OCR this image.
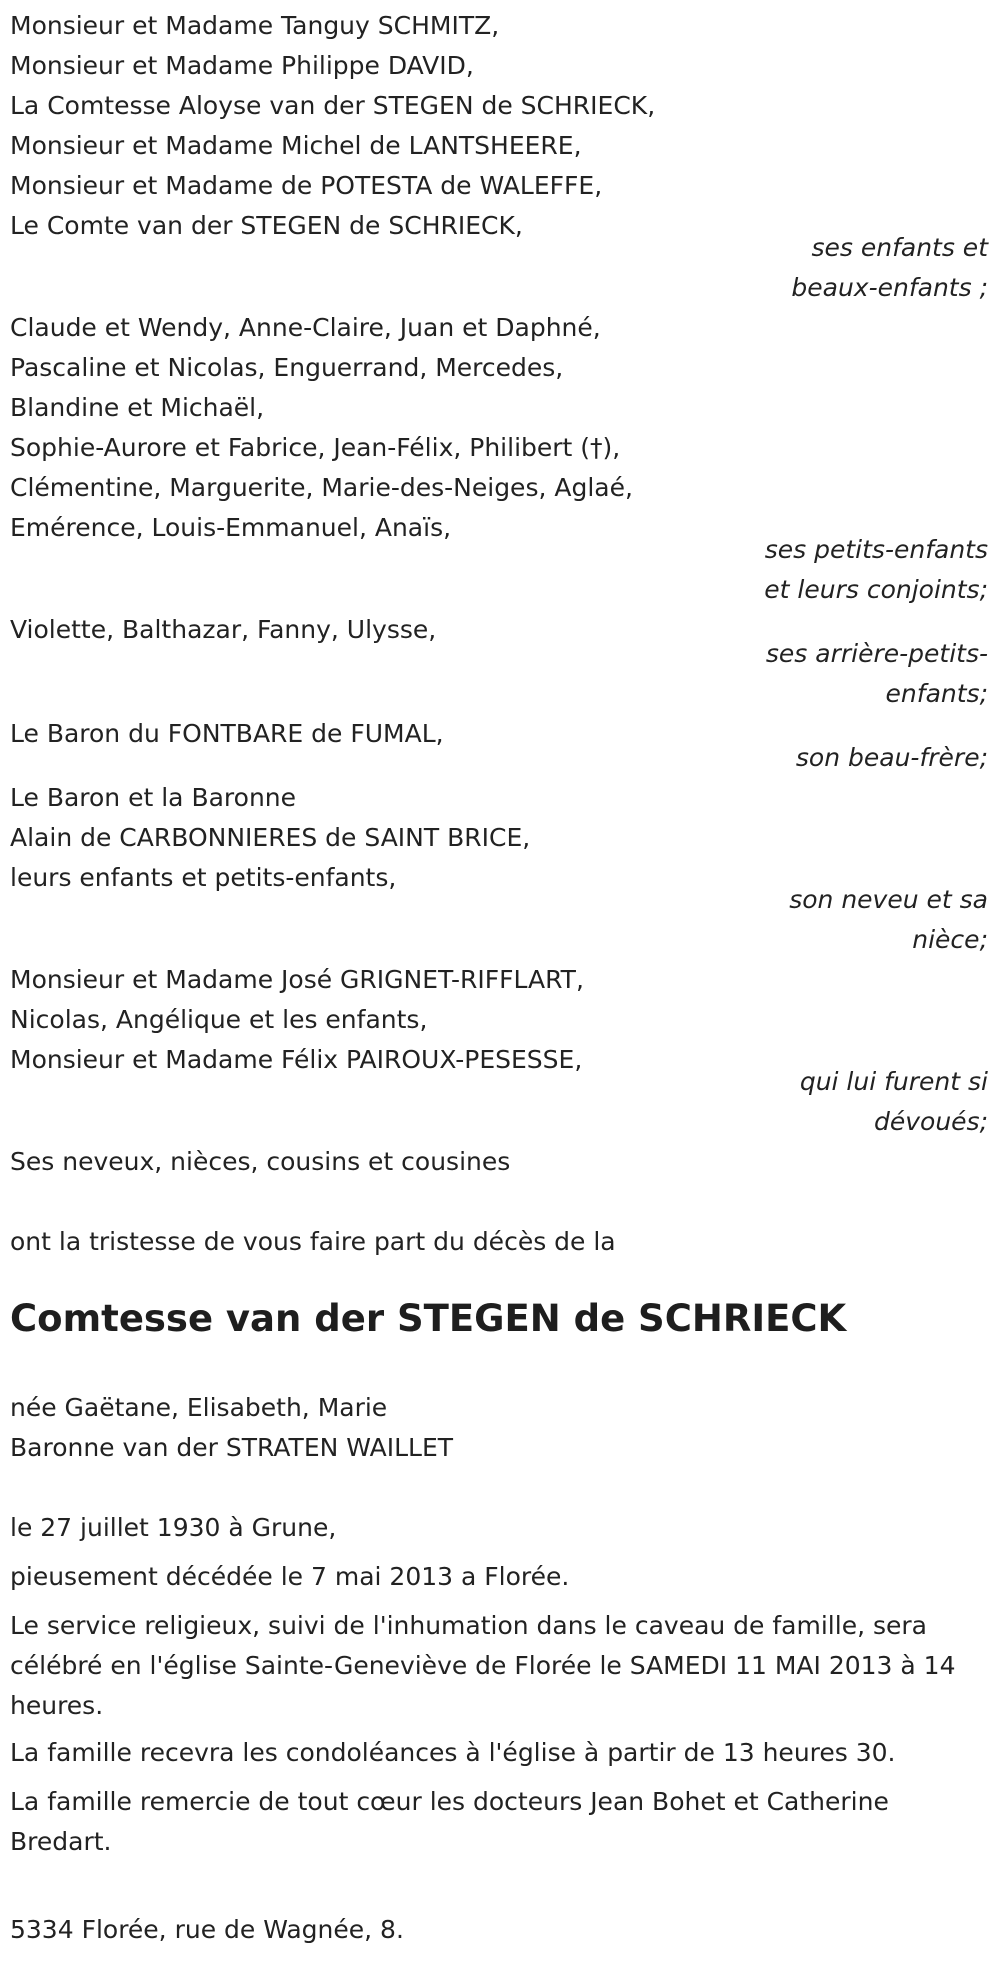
Monsieur et Madame Tanguy SCHMITZ,
Monsieur et Madame Philippe DAVID,
La Comtesse Aloyse van der STEGEN de SCHRIECK,
Monsieur et Madame Michel de LANTSHEERE,
Monsieur et Madame de POTESTA de WALEFFE,
Le Comte van der STEGEN de SCHRIECK,
ses enfants et
beaux-enfants ;
Claude et Wendy, Anne-Claire, Juan et Daphné,
Pascaline et Nicolas, Enguerrand, Mercedes,
Blandine et Michaël,
Sophie-Aurore et Fabrice, Jean-Félix, Philibert (†),
Clémentine, Marguerite, Marie-des-Neiges, Aglaé,
Emérence, Louis-Emmanuel, Anaïs,
ses petits-enfants
et leurs conjoints;
Violette, Balthazar, Fanny, Ulysse,
ses arrière-petits-
enfants;
Le Baron du FONTBARE de FUMAL,
son beau-frère;
Le Baron et la Baronne
Alain de CARBONNIERES de SAINT BRICE,
leurs enfants et petits-enfants,
son neveu et sa
nièce;
Monsieur et Madame José GRIGNET-RIFFLART,
Nicolas, Angélique et les enfants,
Monsieur et Madame Félix PAIROUX-PESESSE,
qui lui furent si
dévoués;
Ses neveux, nièces, cousins et cousines
ont la tristesse de vous faire part du décès de la
Comtesse van der STEGEN de SCHRIECK
née Gaëtane, Elisabeth, Marie
Baronne van der STRATEN WAILLET
le 27 juillet 1930 à Grune,
pieusement décédée le 7 mai 2013 a Florée.
Le service religieux, suivi de l'inhumation dans le caveau de famille, sera célébré en l'église Sainte-Geneviève de Florée le SAMEDI 11 MAI 2013 à 14 heures.
La famille recevra les condoléances à l'église à partir de 13 heures 30.
La famille remercie de tout cœur les docteurs Jean Bohet et Catherine Bredart.
5334 Florée, rue de Wagnée, 8.
